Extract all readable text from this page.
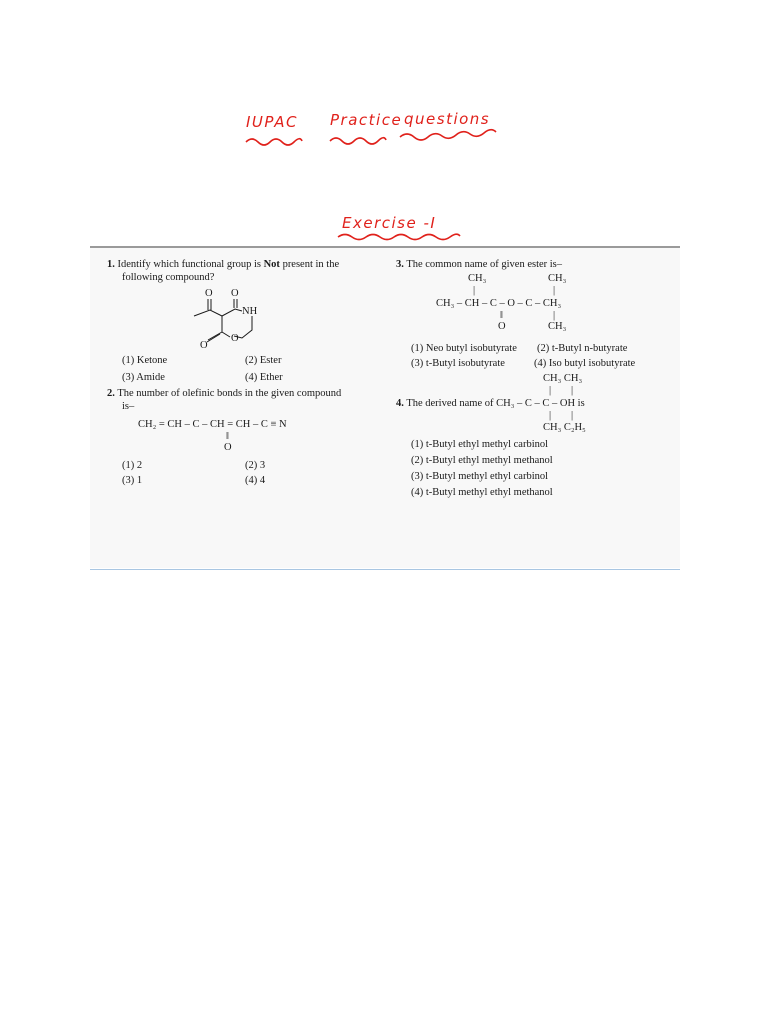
IUPAC Practice questions
Exercise -I
1. Identify which functional group is Not present in the
following compound?
O O
NH
O
O
(1) Ketone	(2) Ester
(3) Amide	(4) Ether
2. The number of olefinic bonds in the given compound
is–
CH₂ = CH – C – CH = CH – C ≡ N
‖
O
(1) 2	(2) 3
(3) 1	(4) 4
3. The common name of given ester is–
CH₃	CH₃
|	|
CH₃ – CH – C – O – C – CH₃
‖	|
O	CH₃
(1) Neo butyl isobutyrate (2) t-Butyl n-butyrate
(3) t-Butyl isobutyrate	(4) Iso butyl isobutyrate
CH₃ CH₃
| |
4. The derived name of CH₃ – C – C – OH is
| |
CH₃ C₂H₅
(1) t-Butyl ethyl methyl carbinol
(2) t-Butyl ethyl methyl methanol
(3) t-Butyl methyl ethyl carbinol
(4) t-Butyl methyl ethyl methanol
